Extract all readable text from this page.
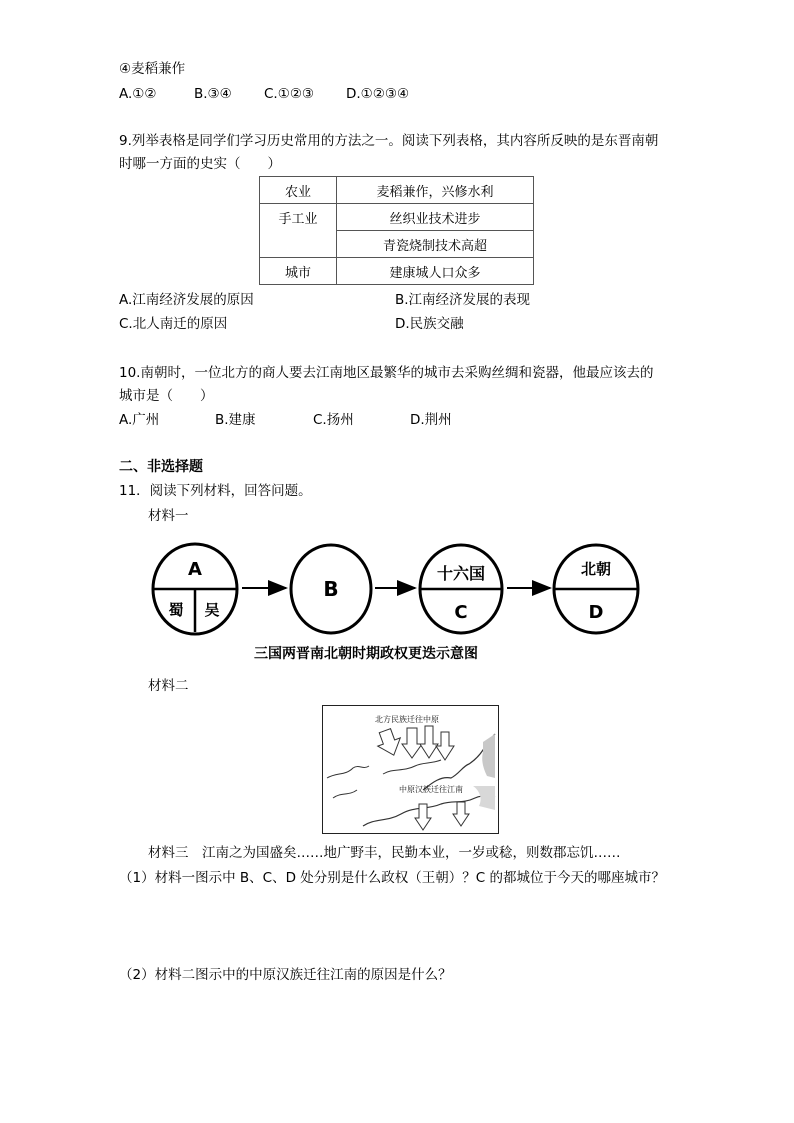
④麦稻兼作
A.①②	B.③④ C.①②③ D.①②③④
9.列举表格是同学们学习历史常用的方法之一。阅读下列表格，其内容所反映的是东晋南朝
时哪一方面的史实（　　）
农业	麦稻兼作，兴修水利
手工业	丝织业技术进步
	青瓷烧制技术高超
城市	建康城人口众多
A.江南经济发展的原因	B.江南经济发展的表现
C.北人南迁的原因	D.民族交融
10.南朝时，一位北方的商人要去江南地区最繁华的城市去采购丝绸和瓷器，他最应该去的
城市是（　　）
A.广州	B.建康	C.扬州	D.荆州
二、非选择题
11．阅读下列材料，回答问题。
材料一
A
蜀 吴
B
十六国
C
北朝
D
三国两晋南北朝时期政权更迭示意图
材料二
北方民族迁往中原
中原汉族迁往江南
材料三　江南之为国盛矣……地广野丰，民勤本业，一岁或稔，则数郡忘饥……
（1）材料一图示中 B、C、D 处分别是什么政权（王朝）？C 的都城位于今天的哪座城市？
（2）材料二图示中的中原汉族迁往江南的原因是什么？
